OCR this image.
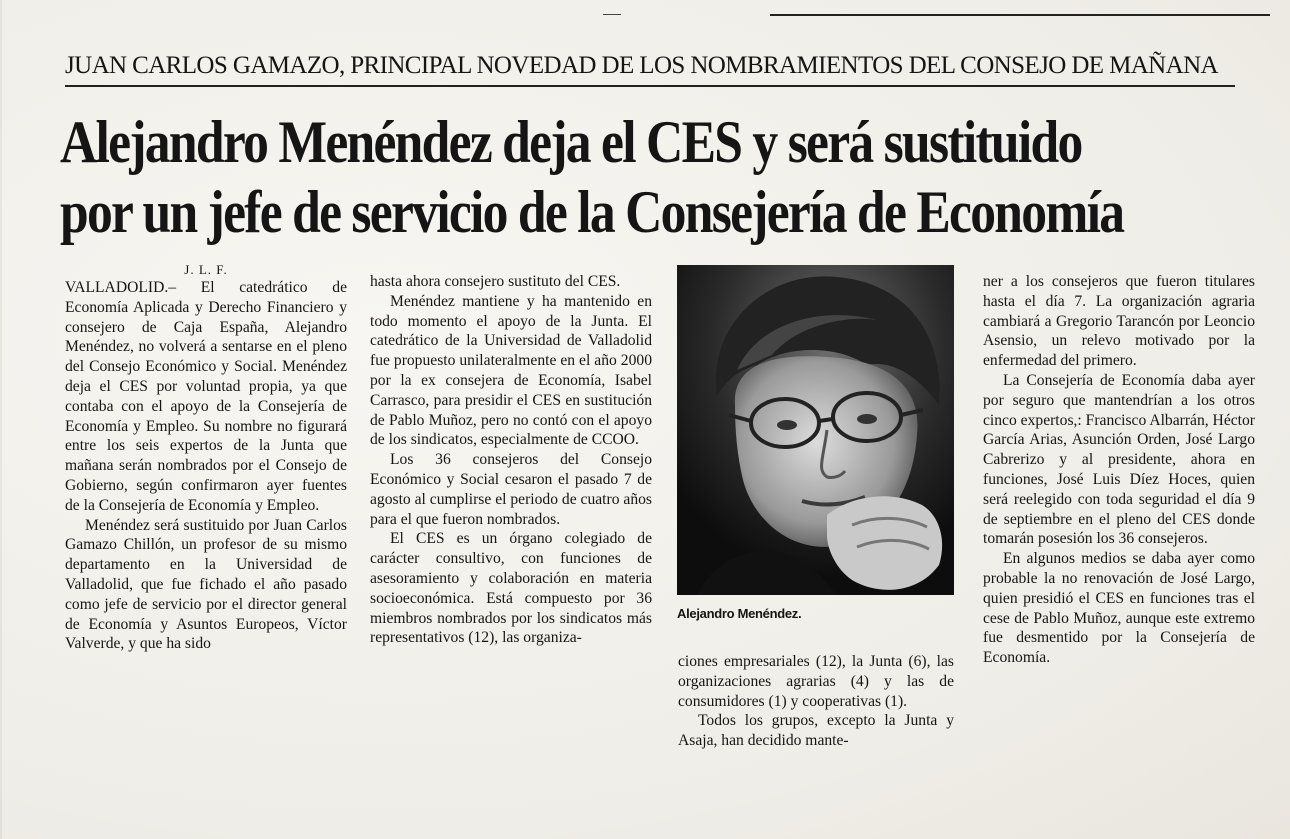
JUAN CARLOS GAMAZO, PRINCIPAL NOVEDAD DE LOS NOMBRAMIENTOS DEL CONSEJO DE MAÑANA
Alejandro Menéndez deja el CES y será sustituido
por un jefe de servicio de la Consejería de Economía

J. L. F.

VALLADOLID.– El catedrático de Economía Aplicada y Derecho Financiero y consejero de Caja España, Alejandro Menéndez, no volverá a sentarse en el pleno del Consejo Económico y Social. Menéndez deja el CES por voluntad propia, ya que contaba con el apoyo de la Consejería de Economía y Empleo. Su nombre no figurará entre los seis expertos de la Junta que mañana serán nombrados por el Consejo de Gobierno, según confirmaron ayer fuentes de la Consejería de Economía y Empleo.

Menéndez será sustituido por Juan Carlos Gamazo Chillón, un profesor de su mismo departamento en la Universidad de Valladolid, que fue fichado el año pasado como jefe de servicio por el director general de Economía y Asuntos Europeos, Víctor Valverde, y que ha sido

hasta ahora consejero sustituto del CES.

Menéndez mantiene y ha mantenido en todo momento el apoyo de la Junta. El catedrático de la Universidad de Valladolid fue propuesto unilateralmente en el año 2000 por la ex consejera de Economía, Isabel Carrasco, para presidir el CES en sustitución de Pablo Muñoz, pero no contó con el apoyo de los sindicatos, especialmente de CCOO.

Los 36 consejeros del Consejo Económico y Social cesaron el pasado 7 de agosto al cumplirse el periodo de cuatro años para el que fueron nombrados.

El CES es un órgano colegiado de carácter consultivo, con funciones de asesoramiento y colaboración en materia socioeconómica. Está compuesto por 36 miembros nombrados por los sindicatos más representativos (12), las organiza-

Alejandro Menéndez.

ciones empresariales (12), la Junta (6), las organizaciones agrarias (4) y las de consumidores (1) y cooperativas (1).

Todos los grupos, excepto la Junta y Asaja, han decidido mante-

ner a los consejeros que fueron titulares hasta el día 7. La organización agraria cambiará a Gregorio Tarancón por Leoncio Asensio, un relevo motivado por la enfermedad del primero.

La Consejería de Economía daba ayer por seguro que mantendrían a los otros cinco expertos,: Francisco Albarrán, Héctor García Arias, Asunción Orden, José Largo Cabrerizo y al presidente, ahora en funciones, José Luis Díez Hoces, quien será reelegido con toda seguridad el día 9 de septiembre en el pleno del CES donde tomarán posesión los 36 consejeros.

En algunos medios se daba ayer como probable la no renovación de José Largo, quien presidió el CES en funciones tras el cese de Pablo Muñoz, aunque este extremo fue desmentido por la Consejería de Economía.
